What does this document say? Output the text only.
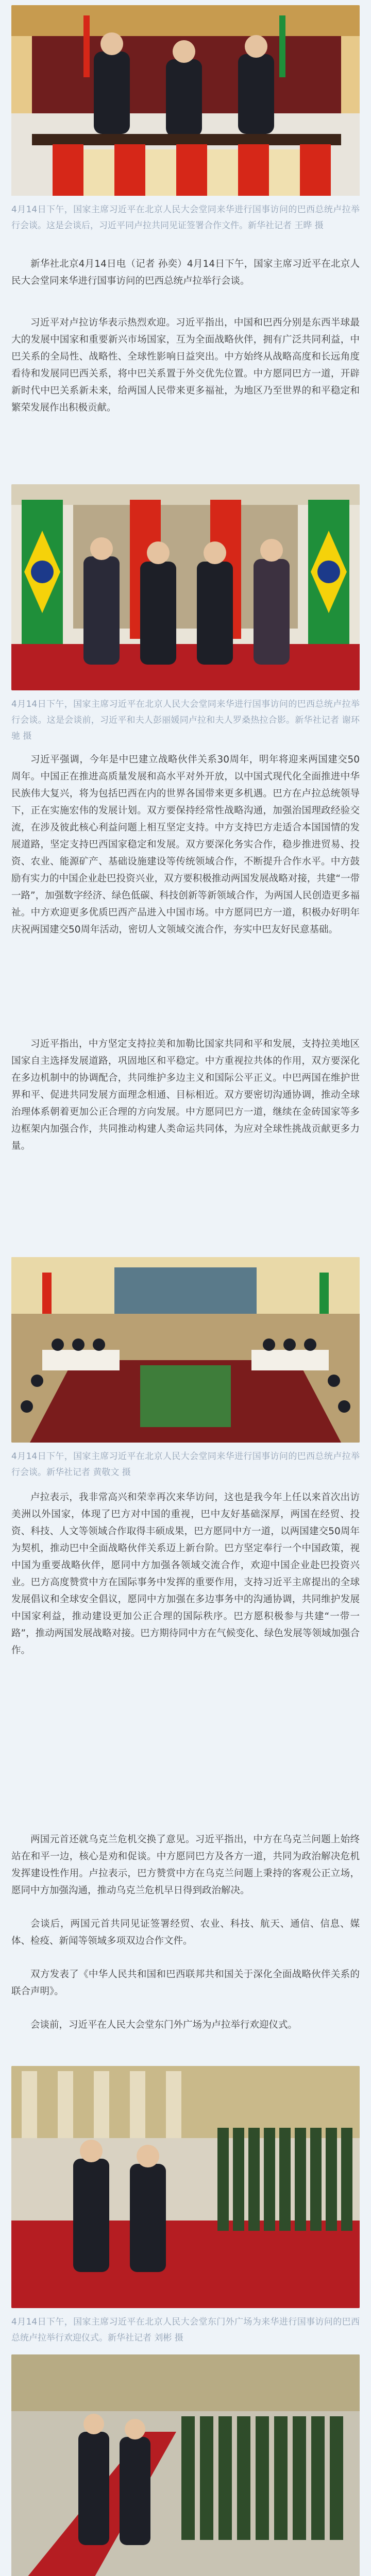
4月14日下午，国家主席习近平在北京人民大会堂同来华进行国事访问的巴西总统卢拉举行会谈。这是会谈后，习近平同卢拉共同见证签署合作文件。新华社记者 王晔 摄
新华社北京4月14日电（记者 孙奕）4月14日下午，国家主席习近平在北京人民大会堂同来华进行国事访问的巴西总统卢拉举行会谈。
习近平对卢拉访华表示热烈欢迎。习近平指出，中国和巴西分别是东西半球最大的发展中国家和重要新兴市场国家，互为全面战略伙伴，拥有广泛共同利益，中巴关系的全局性、战略性、全球性影响日益突出。中方始终从战略高度和长远角度看待和发展同巴西关系，将中巴关系置于外交优先位置。中方愿同巴方一道，开辟新时代中巴关系新未来，给两国人民带来更多福祉，为地区乃至世界的和平稳定和繁荣发展作出积极贡献。
4月14日下午，国家主席习近平在北京人民大会堂同来华进行国事访问的巴西总统卢拉举行会谈。这是会谈前，习近平和夫人彭丽媛同卢拉和夫人罗桑热拉合影。新华社记者 谢环驰 摄
习近平强调，今年是中巴建立战略伙伴关系30周年，明年将迎来两国建交50周年。中国正在推进高质量发展和高水平对外开放，以中国式现代化全面推进中华民族伟大复兴，将为包括巴西在内的世界各国带来更多机遇。巴方在卢拉总统领导下，正在实施宏伟的发展计划。双方要保持经常性战略沟通，加强治国理政经验交流，在涉及彼此核心利益问题上相互坚定支持。中方支持巴方走适合本国国情的发展道路，坚定支持巴西国家稳定和发展。双方要深化务实合作，稳步推进贸易、投资、农业、能源矿产、基础设施建设等传统领域合作，不断提升合作水平。中方鼓励有实力的中国企业赴巴投资兴业，双方要积极推动两国发展战略对接，共建“一带一路”，加强数字经济、绿色低碳、科技创新等新领域合作，为两国人民创造更多福祉。中方欢迎更多优质巴西产品进入中国市场。中方愿同巴方一道，积极办好明年庆祝两国建交50周年活动，密切人文领域交流合作，夯实中巴友好民意基础。
习近平指出，中方坚定支持拉美和加勒比国家共同和平和发展，支持拉美地区国家自主选择发展道路，巩固地区和平稳定。中方重视拉共体的作用，双方要深化在多边机制中的协调配合，共同维护多边主义和国际公平正义。中巴两国在维护世界和平、促进共同发展方面理念相通、目标相近。双方要密切沟通协调，推动全球治理体系朝着更加公正合理的方向发展。中方愿同巴方一道，继续在金砖国家等多边框架内加强合作，共同推动构建人类命运共同体，为应对全球性挑战贡献更多力量。
4月14日下午，国家主席习近平在北京人民大会堂同来华进行国事访问的巴西总统卢拉举行会谈。新华社记者 黄敬文 摄
卢拉表示，我非常高兴和荣幸再次来华访问，这也是我今年上任以来首次出访美洲以外国家，体现了巴方对中国的重视，巴中友好基础深厚，两国在经贸、投资、科技、人文等领域合作取得丰硕成果，巴方愿同中方一道，以两国建交50周年为契机，推动巴中全面战略伙伴关系迈上新台阶。巴方坚定奉行一个中国政策，视中国为重要战略伙伴，愿同中方加强各领域交流合作，欢迎中国企业赴巴投资兴业。巴方高度赞赏中方在国际事务中发挥的重要作用，支持习近平主席提出的全球发展倡议和全球安全倡议，愿同中方加强在多边事务中的沟通协调，共同维护发展中国家利益，推动建设更加公正合理的国际秩序。巴方愿积极参与共建“一带一路”，推动两国发展战略对接。巴方期待同中方在气候变化、绿色发展等领域加强合作。
两国元首还就乌克兰危机交换了意见。习近平指出，中方在乌克兰问题上始终站在和平一边，核心是劝和促谈。中方愿同巴方及各方一道，共同为政治解决危机发挥建设性作用。卢拉表示，巴方赞赏中方在乌克兰问题上秉持的客观公正立场，愿同中方加强沟通，推动乌克兰危机早日得到政治解决。
会谈后，两国元首共同见证签署经贸、农业、科技、航天、通信、信息、媒体、检疫、新闻等领域多项双边合作文件。
双方发表了《中华人民共和国和巴西联邦共和国关于深化全面战略伙伴关系的联合声明》。
会谈前，习近平在人民大会堂东门外广场为卢拉举行欢迎仪式。
4月14日下午，国家主席习近平在北京人民大会堂东门外广场为来华进行国事访问的巴西总统卢拉举行欢迎仪式。新华社记者 刘彬 摄
